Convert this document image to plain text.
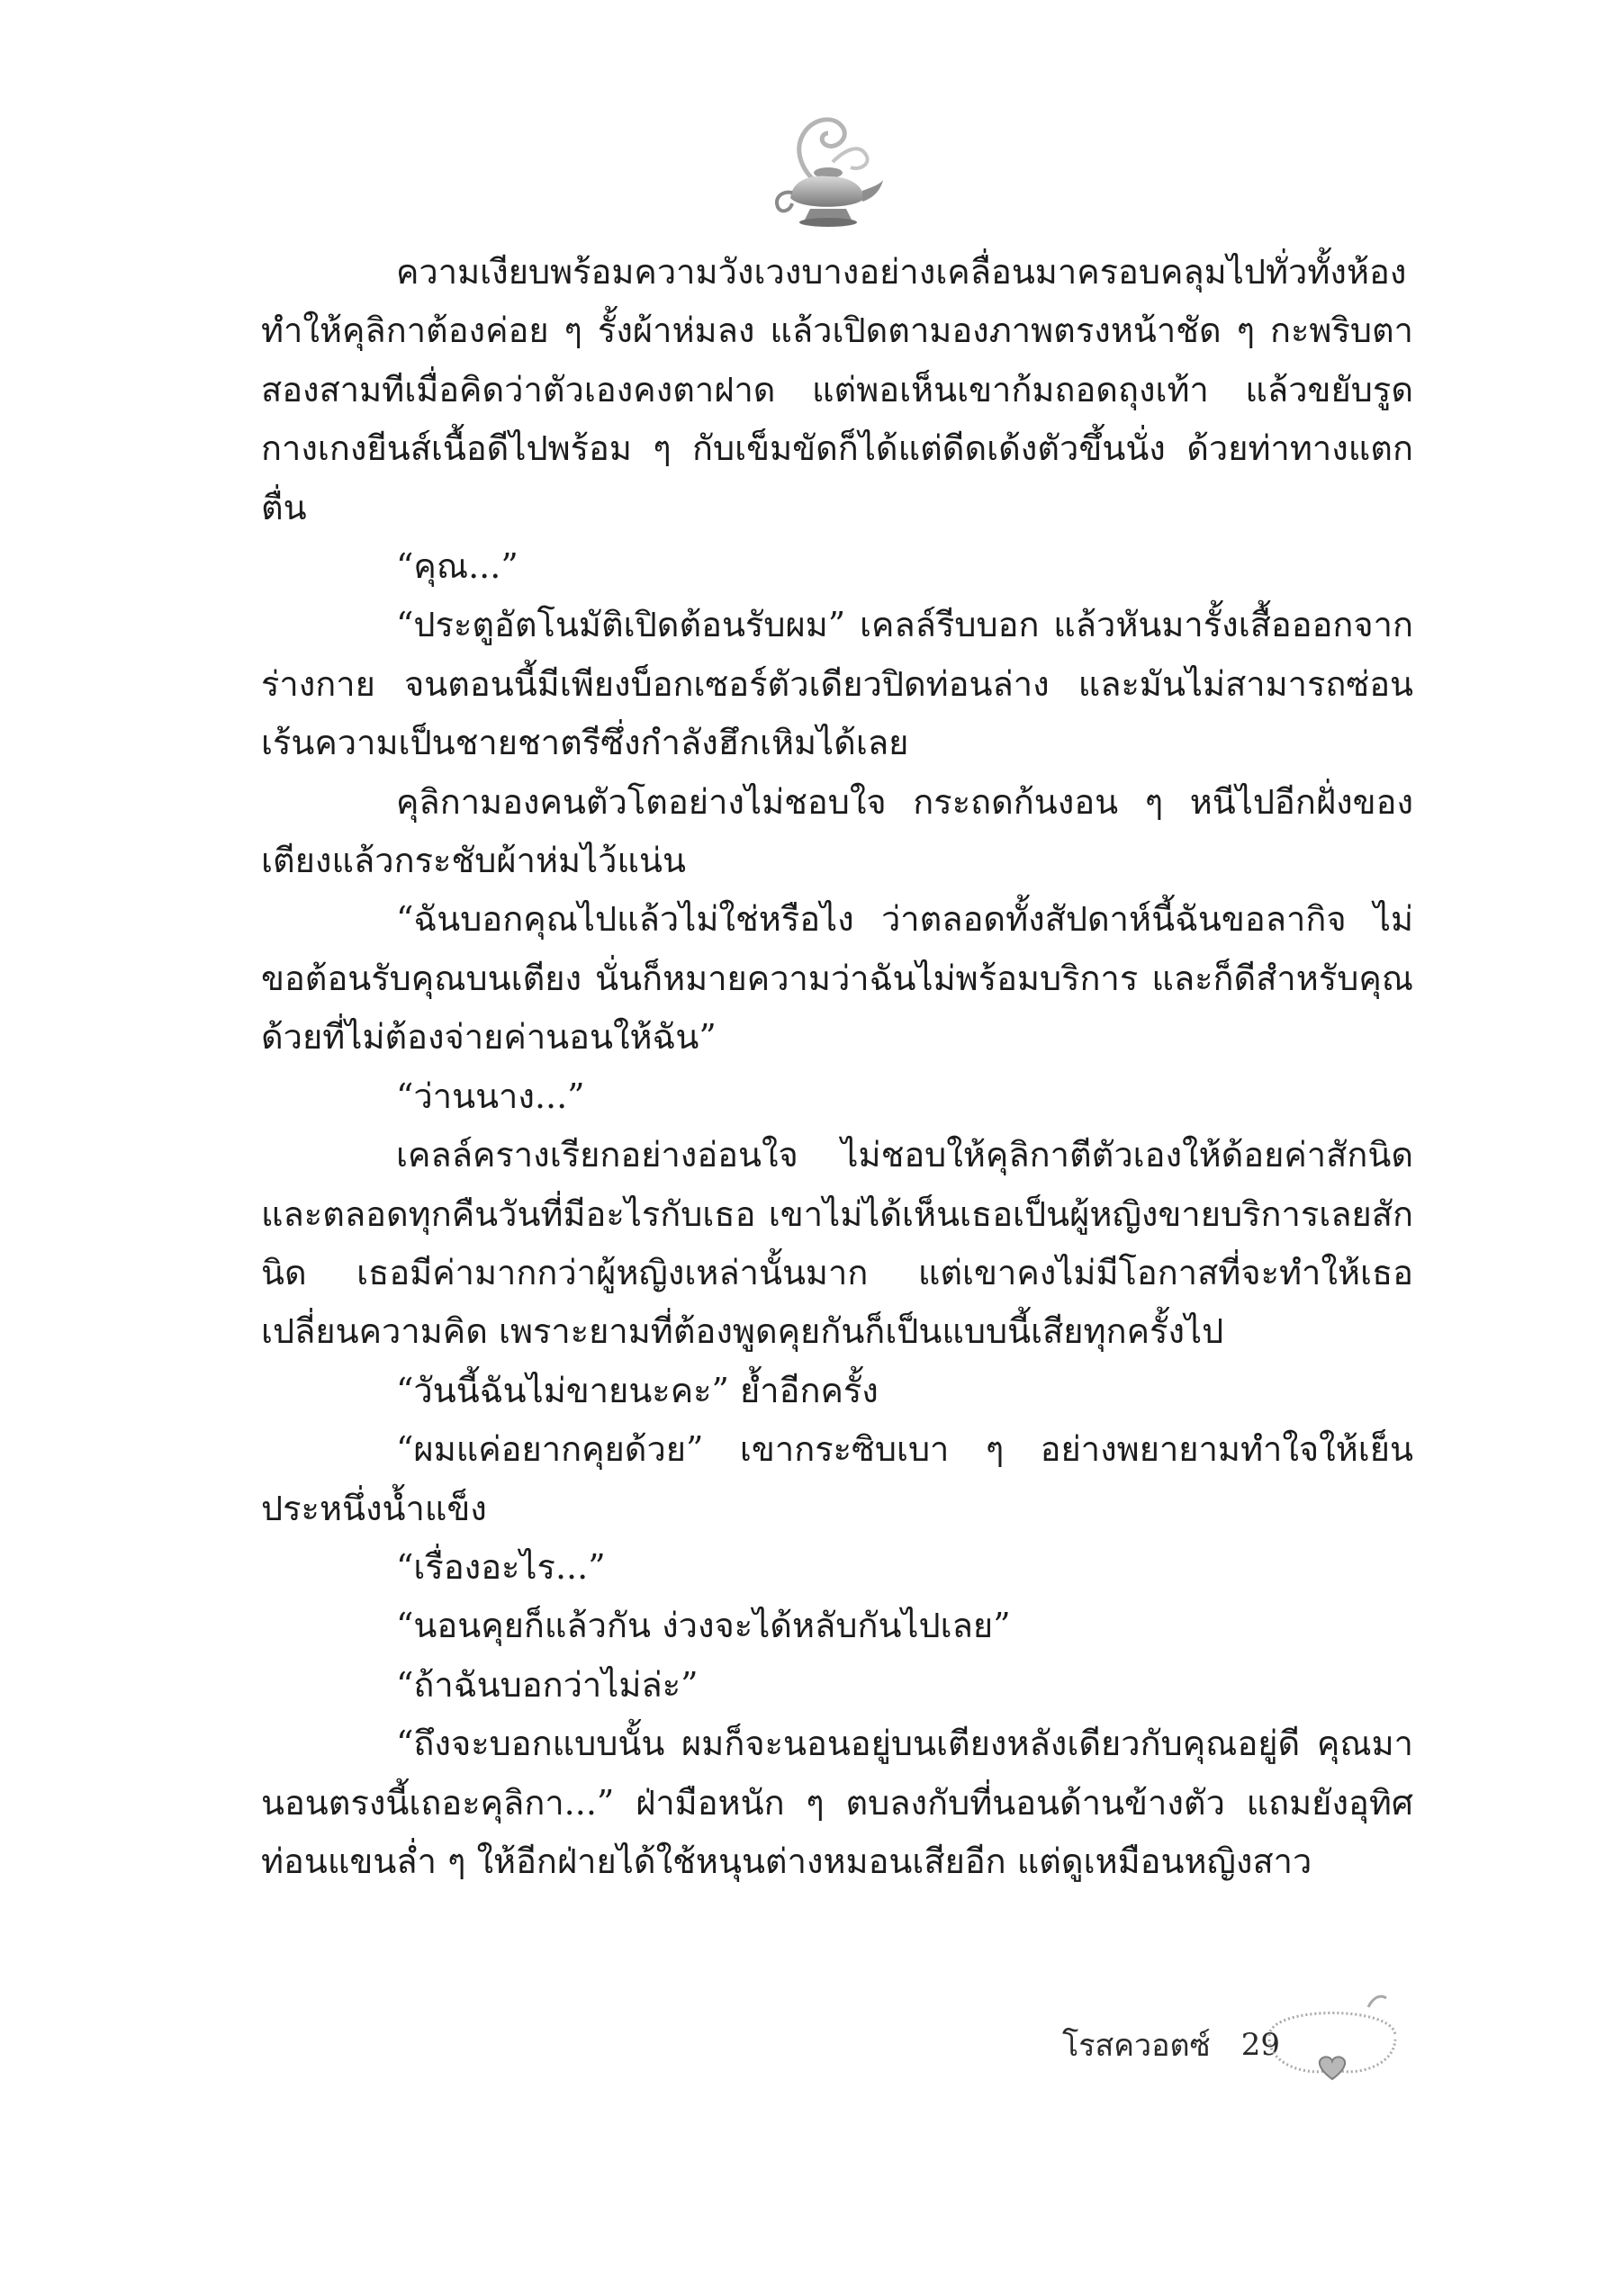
ความเงียบพร้อมความวังเวงบางอย่างเคลื่อนมาครอบคลุมไปทั่วทั้งห้อง ทำให้คุลิกาต้องค่อย ๆ รั้งผ้าห่มลง แล้วเปิดตามองภาพตรงหน้าชัด ๆ กะพริบตาสองสามทีเมื่อคิดว่าตัวเองคงตาฝาด แต่พอเห็นเขาก้มถอดถุงเท้า แล้วขยับรูดกางเกงยีนส์เนื้อดีไปพร้อม ๆ กับเข็มขัดก็ได้แต่ดีดเด้งตัวขึ้นนั่ง ด้วยท่าทางแตกตื่น

“คุณ...”

“ประตูอัตโนมัติเปิดต้อนรับผม” เคลล์รีบบอก แล้วหันมารั้งเสื้อออกจากร่างกาย จนตอนนี้มีเพียงบ็อกเซอร์ตัวเดียวปิดท่อนล่าง และมันไม่สามารถซ่อนเร้นความเป็นชายชาตรีซึ่งกำลังฮึกเหิมได้เลย

คุลิกามองคนตัวโตอย่างไม่ชอบใจ กระถดก้นงอน ๆ หนีไปอีกฝั่งของเตียงแล้วกระชับผ้าห่มไว้แน่น

“ฉันบอกคุณไปแล้วไม่ใช่หรือไง ว่าตลอดทั้งสัปดาห์นี้ฉันขอลากิจ ไม่ขอต้อนรับคุณบนเตียง นั่นก็หมายความว่าฉันไม่พร้อมบริการ และก็ดีสำหรับคุณด้วยที่ไม่ต้องจ่ายค่านอนให้ฉัน”

“ว่านนาง...”

เคลล์ครางเรียกอย่างอ่อนใจ ไม่ชอบให้คุลิกาตีตัวเองให้ด้อยค่าสักนิด และตลอดทุกคืนวันที่มีอะไรกับเธอ เขาไม่ได้เห็นเธอเป็นผู้หญิงขายบริการเลยสักนิด เธอมีค่ามากกว่าผู้หญิงเหล่านั้นมาก แต่เขาคงไม่มีโอกาสที่จะทำให้เธอเปลี่ยนความคิด เพราะยามที่ต้องพูดคุยกันก็เป็นแบบนี้เสียทุกครั้งไป

“วันนี้ฉันไม่ขายนะคะ” ย้ำอีกครั้ง

“ผมแค่อยากคุยด้วย” เขากระซิบเบา ๆ อย่างพยายามทำใจให้เย็นประหนึ่งน้ำแข็ง

“เรื่องอะไร...”

“นอนคุยก็แล้วกัน ง่วงจะได้หลับกันไปเลย”

“ถ้าฉันบอกว่าไม่ล่ะ”

“ถึงจะบอกแบบนั้น ผมก็จะนอนอยู่บนเตียงหลังเดียวกับคุณอยู่ดี คุณมานอนตรงนี้เถอะคุลิกา...” ฝ่ามือหนัก ๆ ตบลงกับที่นอนด้านข้างตัว แถมยังอุทิศท่อนแขนล่ำ ๆ ให้อีกฝ่ายได้ใช้หนุนต่างหมอนเสียอีก แต่ดูเหมือนหญิงสาว

โรสควอตซ์ 29
